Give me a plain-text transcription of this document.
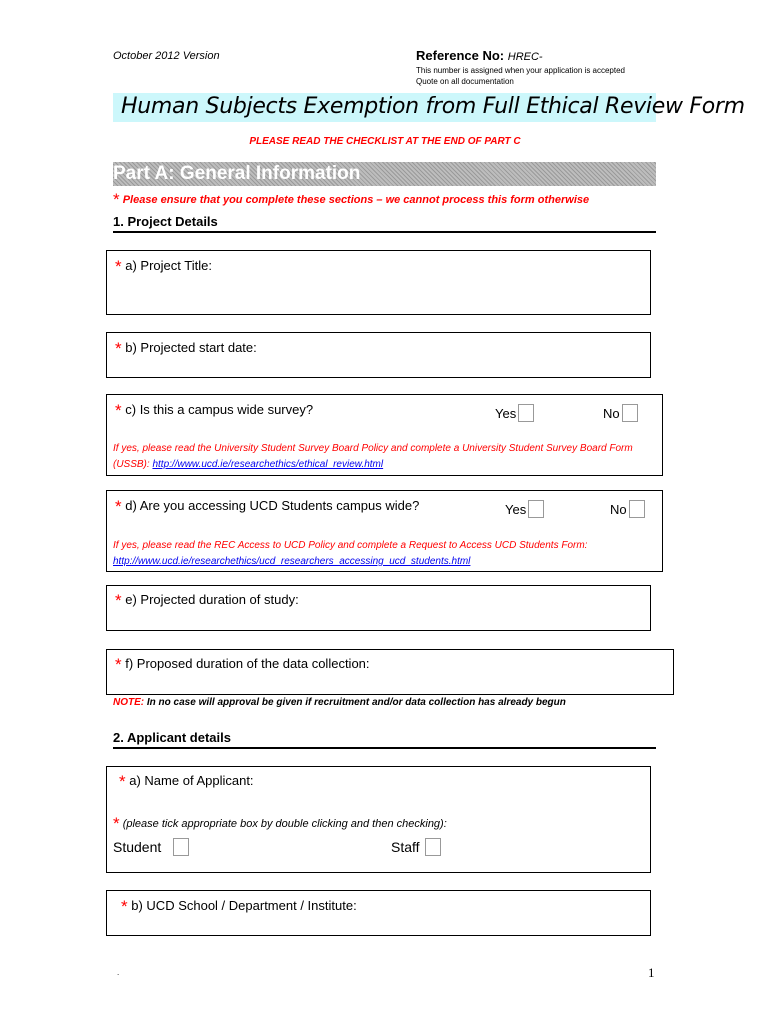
October 2012 Version	Reference No: HREC-
This number is assigned when your application is accepted
Quote on all documentation
Human Subjects Exemption from Full Ethical Review Form
PLEASE READ THE CHECKLIST AT THE END OF PART C
Part A: General Information
* Please ensure that you complete these sections – we cannot process this form otherwise
1. Project Details
* a) Project Title:
* b) Projected start date:
* c) Is this a campus wide survey?	Yes	No
If yes, please read the University Student Survey Board Policy and complete a University Student Survey Board Form (USSB): http://www.ucd.ie/researchethics/ethical_review.html
* d) Are you accessing UCD Students campus wide?	Yes	No
If yes, please read the REC Access to UCD Policy and complete a Request to Access UCD Students Form: http://www.ucd.ie/researchethics/ucd_researchers_accessing_ucd_students.html
* e) Projected duration of study:
* f) Proposed duration of the data collection:
NOTE: In no case will approval be given if recruitment and/or data collection has already begun
2. Applicant details
* a) Name of Applicant:
* (please tick appropriate box by double clicking and then checking):
Student	Staff
* b) UCD School / Department / Institute:
.	1
